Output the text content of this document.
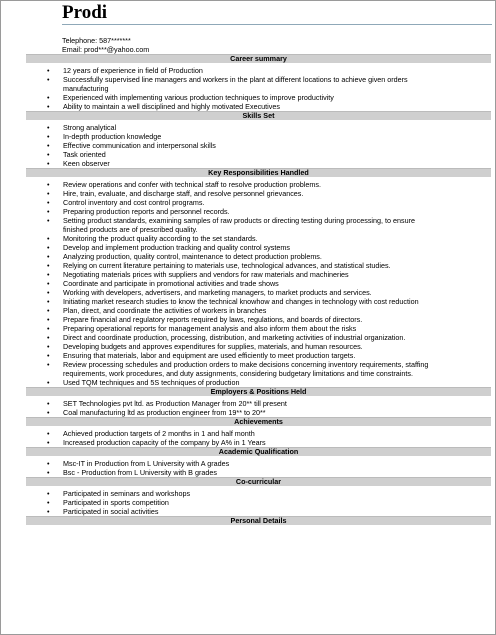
Prodi
Telephone: 587*******
Email: prod***@yahoo.com
Career summary
• 12 years of experience in field of Production
• Successfully supervised line managers and workers in the plant at different locations to achieve given orders manufacturing
• Experienced with implementing various production techniques to improve productivity
• Ability to maintain a well disciplined and highly motivated Executives
Skills Set
• Strong analytical
• In-depth production knowledge
• Effective communication and interpersonal skills
• Task oriented
• Keen observer
Key Responsibilities Handled
• Review operations and confer with technical staff to resolve production problems.
• Hire, train, evaluate, and discharge staff, and resolve personnel grievances.
• Control inventory and cost control programs.
• Preparing production reports and personnel records.
• Setting product standards, examining samples of raw products or directing testing during processing, to ensure finished products are of prescribed quality.
• Monitoring the product quality according to the set standards.
• Develop and implement production tracking and quality control systems
• Analyzing production, quality control, maintenance to detect production problems.
• Relying on current literature pertaining to materials use, technological advances, and statistical studies.
• Negotiating materials prices with suppliers and vendors for raw materials and machineries
• Coordinate and participate in promotional activities and trade shows
• Working with developers, advertisers, and marketing managers, to market products and services.
• Initiating market research studies to know the technical knowhow and changes in technology with cost reduction
• Plan, direct, and coordinate the activities of workers in branches
• Prepare financial and regulatory reports required by laws, regulations, and boards of directors.
• Preparing operational reports for management analysis and also inform them about the risks
• Direct and coordinate production, processing, distribution, and marketing activities of industrial organization.
• Developing budgets and approves expenditures for supplies, materials, and human resources.
• Ensuring that materials, labor and equipment are used efficiently to meet production targets.
• Review processing schedules and production orders to make decisions concerning inventory requirements, staffing requirements, work procedures, and duty assignments, considering budgetary limitations and time constraints.
• Used TQM techniques and 5S techniques of production
Employers & Positions Held
• SET Technologies pvt ltd. as Production Manager from 20** till present
• Coal manufacturing ltd as production engineer from 19** to 20**
Achievements
• Achieved production targets of 2 months in 1 and half month
• Increased production capacity of the company by A% in 1 Years
Academic Qualification
• Msc-IT in Production from L University with A grades
• Bsc - Production from L University with B grades
Co-curricular
• Participated in seminars and workshops
• Participated in sports competition
• Participated in social activities
Personal Details
